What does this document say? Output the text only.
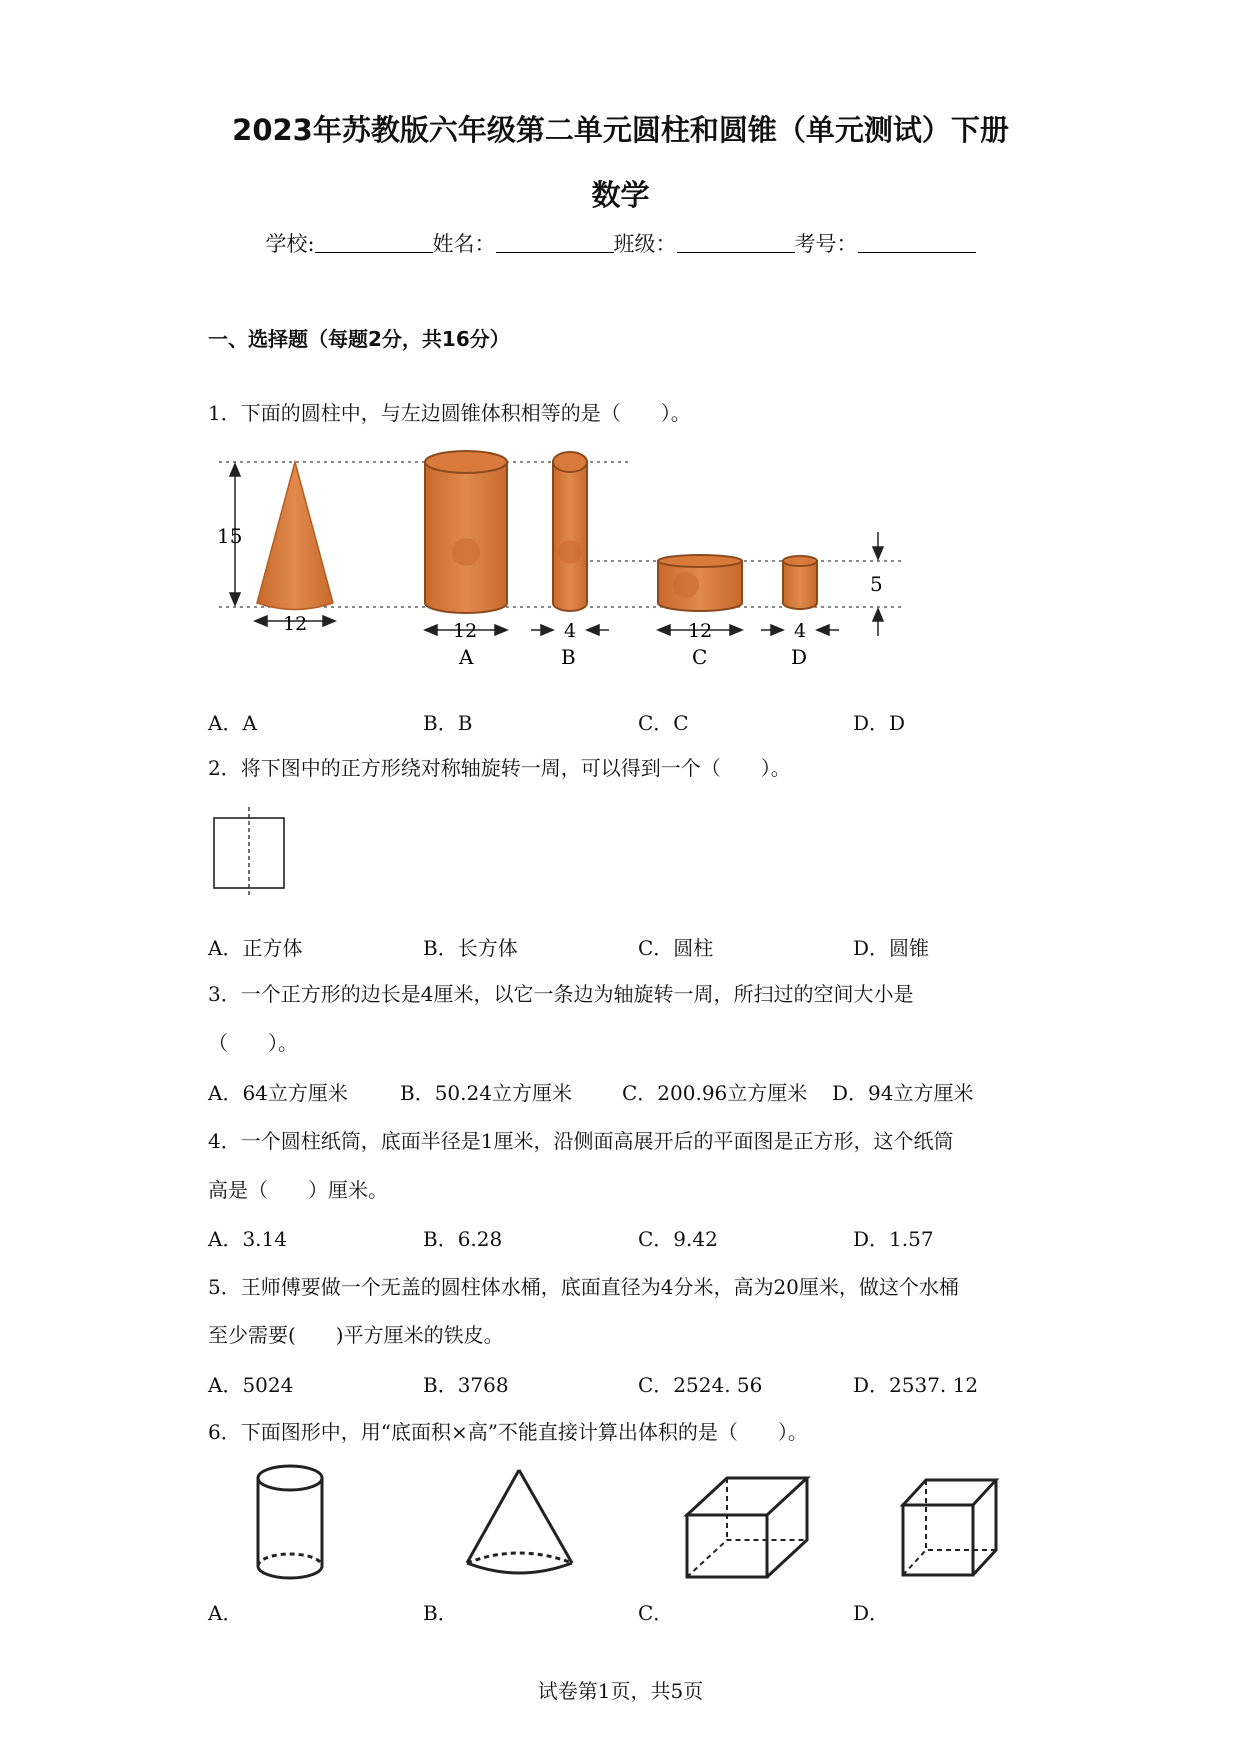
2023年苏教版六年级第二单元圆柱和圆锥（单元测试）下册
数学
学校:	姓名：	班级：	考号：
一、选择题（每题2分，共16分）
1．下面的圆柱中，与左边圆锥体积相等的是（　　）。
15
12	12
A
4
B
12
C
4
D
5
A．A	B．B	C．C	D．D
2．将下图中的正方形绕对称轴旋转一周，可以得到一个（　　）。
A．正方体	B．长方体	C．圆柱	D．圆锥
3．一个正方形的边长是4厘米，以它一条边为轴旋转一周，所扫过的空间大小是
（　　）。
A．64立方厘米	B．50.24立方厘米	C．200.96立方厘米 D．94立方厘米
4．一个圆柱纸筒，底面半径是1厘米，沿侧面高展开后的平面图是正方形，这个纸筒
高是（　　）厘米。
A．3.14	B．6.28	C．9.42	D．1.57
5．王师傅要做一个无盖的圆柱体水桶，底面直径为4分米，高为20厘米，做这个水桶
至少需要(　　)平方厘米的铁皮。
A．5024	B．3768	C．2524. 56	D．2537. 12
6．下面图形中，用“底面积×高”不能直接计算出体积的是（　　）。
A．	B．	C．	D．
试卷第1页，共5页
